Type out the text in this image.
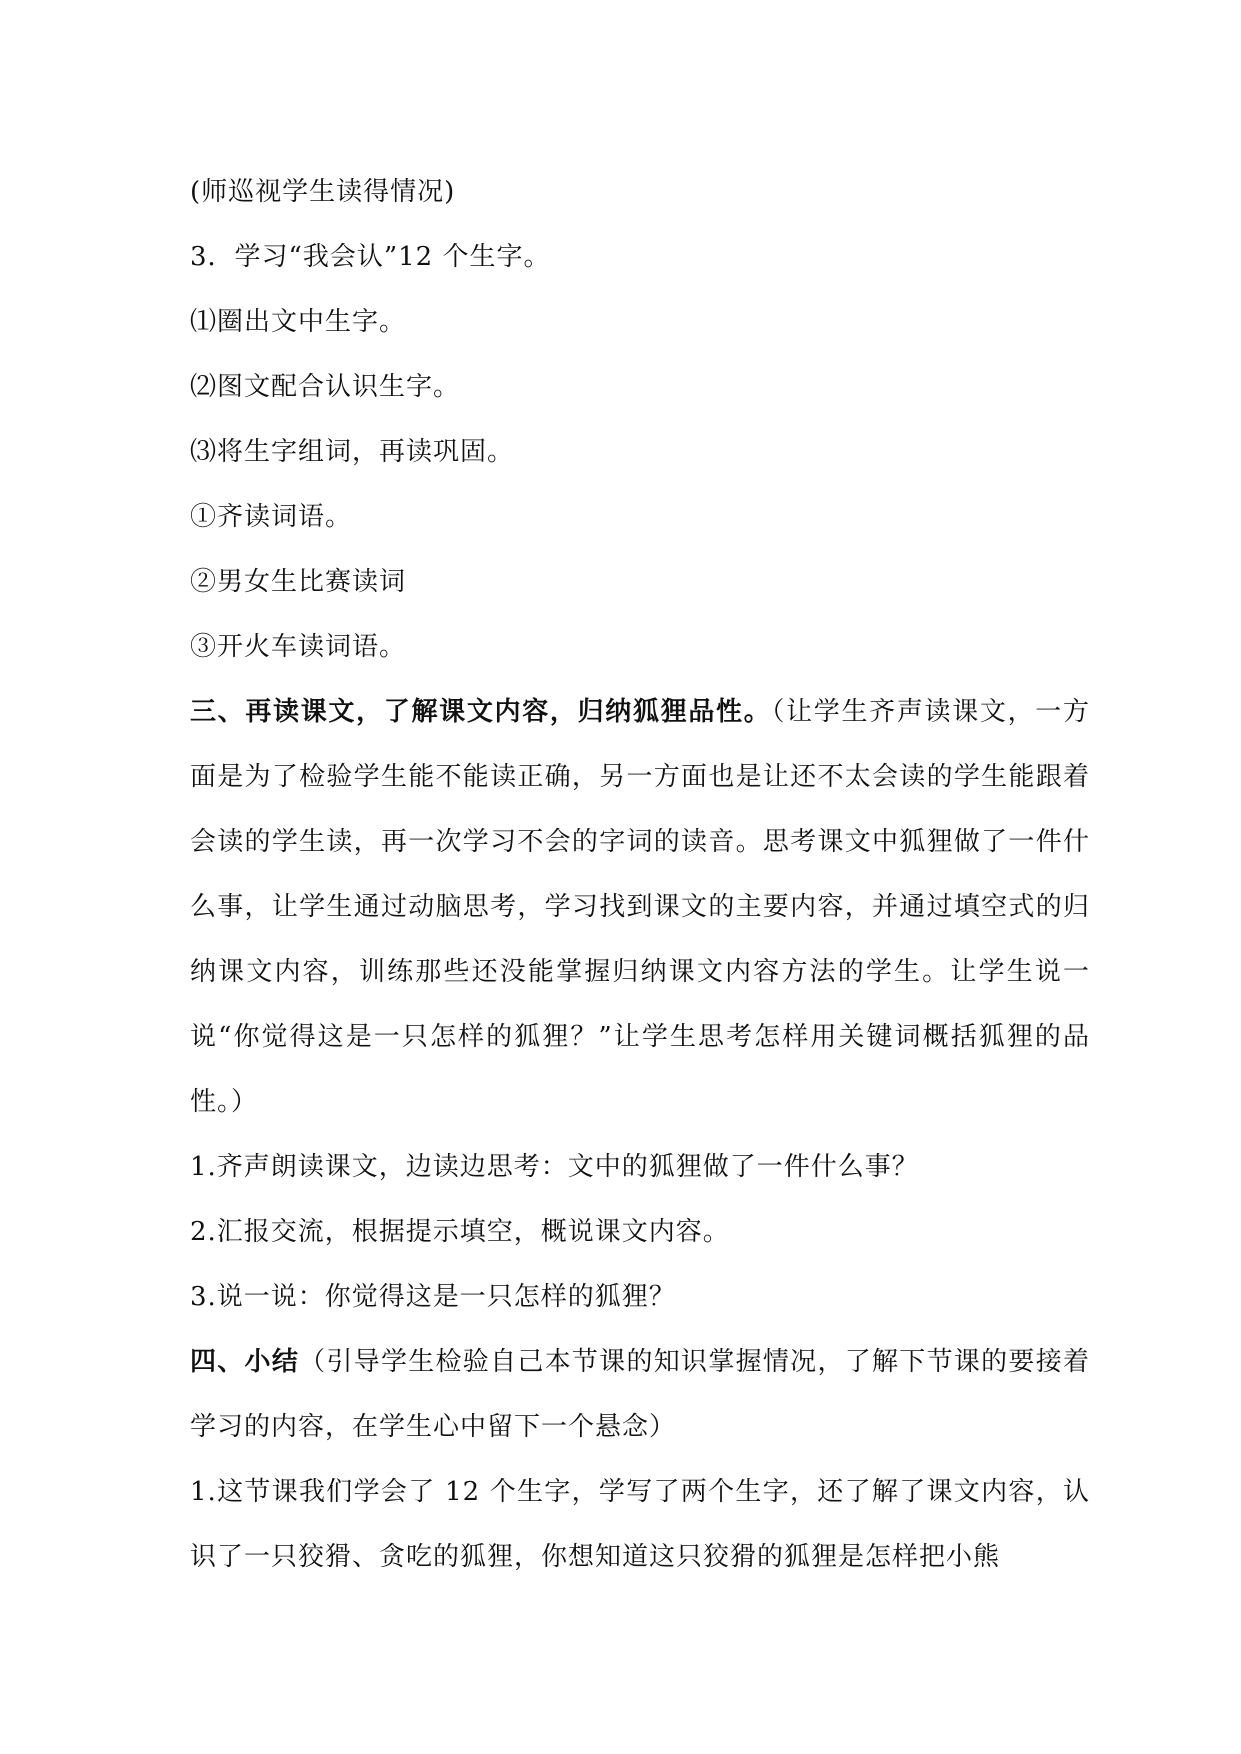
(师巡视学生读得情况)
3．学习“我会认”12 个生字。
⑴圈出文中生字。
⑵图文配合认识生字。
⑶将生字组词，再读巩固。
①齐读词语。
②男女生比赛读词
③开火车读词语。
三、再读课文，了解课文内容，归纳狐狸品性。（让学生齐声读课文，一方面是为了检验学生能不能读正确，另一方面也是让还不太会读的学生能跟着会读的学生读，再一次学习不会的字词的读音。思考课文中狐狸做了一件什么事，让学生通过动脑思考，学习找到课文的主要内容，并通过填空式的归纳课文内容，训练那些还没能掌握归纳课文内容方法的学生。让学生说一说“你觉得这是一只怎样的狐狸？”让学生思考怎样用关键词概括狐狸的品性。）
1.齐声朗读课文，边读边思考：文中的狐狸做了一件什么事？
2.汇报交流，根据提示填空，概说课文内容。
3.说一说：你觉得这是一只怎样的狐狸？
四、小结（引导学生检验自己本节课的知识掌握情况，了解下节课的要接着学习的内容，在学生心中留下一个悬念）
1.这节课我们学会了 12 个生字，学写了两个生字，还了解了课文内容，认识了一只狡猾、贪吃的狐狸，你想知道这只狡猾的狐狸是怎样把小熊
